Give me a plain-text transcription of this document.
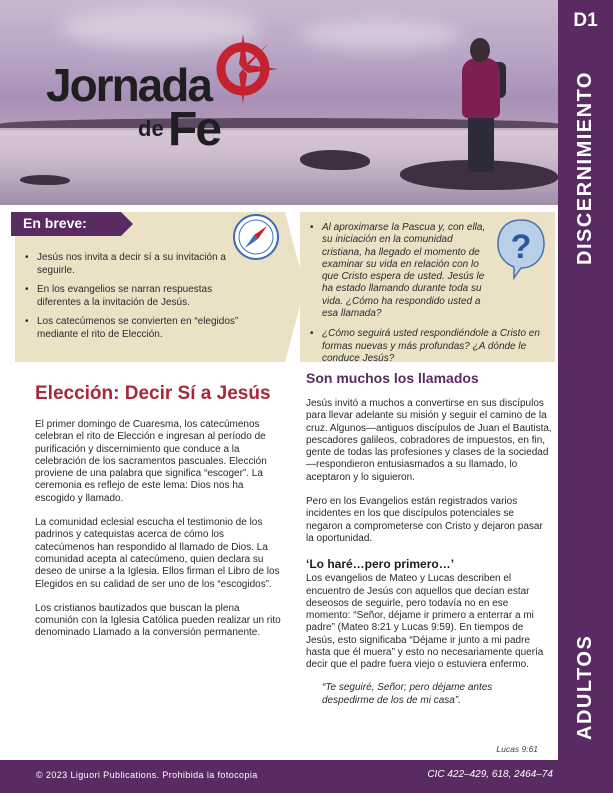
Jornada
de Fe
D1
DISCERNIMIENTO
ADULTOS
En breve:
• Jesús nos invita a decir sí a su invitación a seguirle.
• En los evangelios se narran respuestas diferentes a la invitación de Jesús.
• Los catecúmenos se convierten en “elegidos” mediante el rito de Elección.
?
• Al aproximarse la Pascua y, con ella, su iniciación en la comunidad cristiana, ha llegado el momento de examinar su vida en relación con lo que Cristo espera de usted. Jesús le ha estado llamando durante toda su vida. ¿Cómo ha respondido usted a esa llamada?
• ¿Cómo seguirá usted respondiéndole a Cristo en formas nuevas y más profundas? ¿A dónde le conduce Jesús?
Elección: Decir Sí a Jesús

El primer domingo de Cuaresma, los catecúmenos celebran el rito de Elección e ingresan al período de purificación y discernimiento que conduce a la celebración de los sacramentos pascuales. Elección proviene de una palabra que significa “escoger”. La ceremonia es reflejo de este lema: Dios nos ha escogido y llamado.

La comunidad eclesial escucha el testimonio de los padrinos y catequistas acerca de cómo los catecúmenos han respondido al llamado de Dios. La comunidad acepta al catecúmeno, quien declara su deseo de unirse a la Iglesia. Ellos firman el Libro de los Elegidos en su calidad de ser uno de los “escogidos”.

Los cristianos bautizados que buscan la plena comunión con la Iglesia Católica pueden realizar un rito denominado Llamado a la conversión permanente.

Son muchos los llamados

Jesús invitó a muchos a convertirse en sus discípulos para llevar adelante su misión y seguir el camino de la cruz. Algunos—antiguos discípulos de Juan el Bautista, pescadores galileos, cobradores de impuestos, en fin, gente de todas las profesiones y clases de la sociedad—respondieron entusiasmados a su llamado, lo aceptaron y lo siguieron.

Pero en los Evangelios están registrados varios incidentes en los que discípulos potenciales se negaron a comprometerse con Cristo y dejaron pasar la oportunidad.

‘Lo haré…pero primero…’

Los evangelios de Mateo y Lucas describen el encuentro de Jesús con aquellos que decían estar deseosos de seguirle, pero todavía no en ese momento: “Señor, déjame ir primero a enterrar a mi padre” (Mateo 8:21 y Lucas 9:59). En tiempos de Jesús, esto significaba “Déjame ir junto a mi padre hasta que él muera” y esto no necesariamente quería decir que el padre fuera viejo o estuviera enfermo.

“Te seguiré, Señor; pero déjame antes despedirme de los de mi casa”.
Lucas 9:61
© 2023 Liguori Publications. Prohibida la fotocopia	CIC 422–429, 618, 2464–74
